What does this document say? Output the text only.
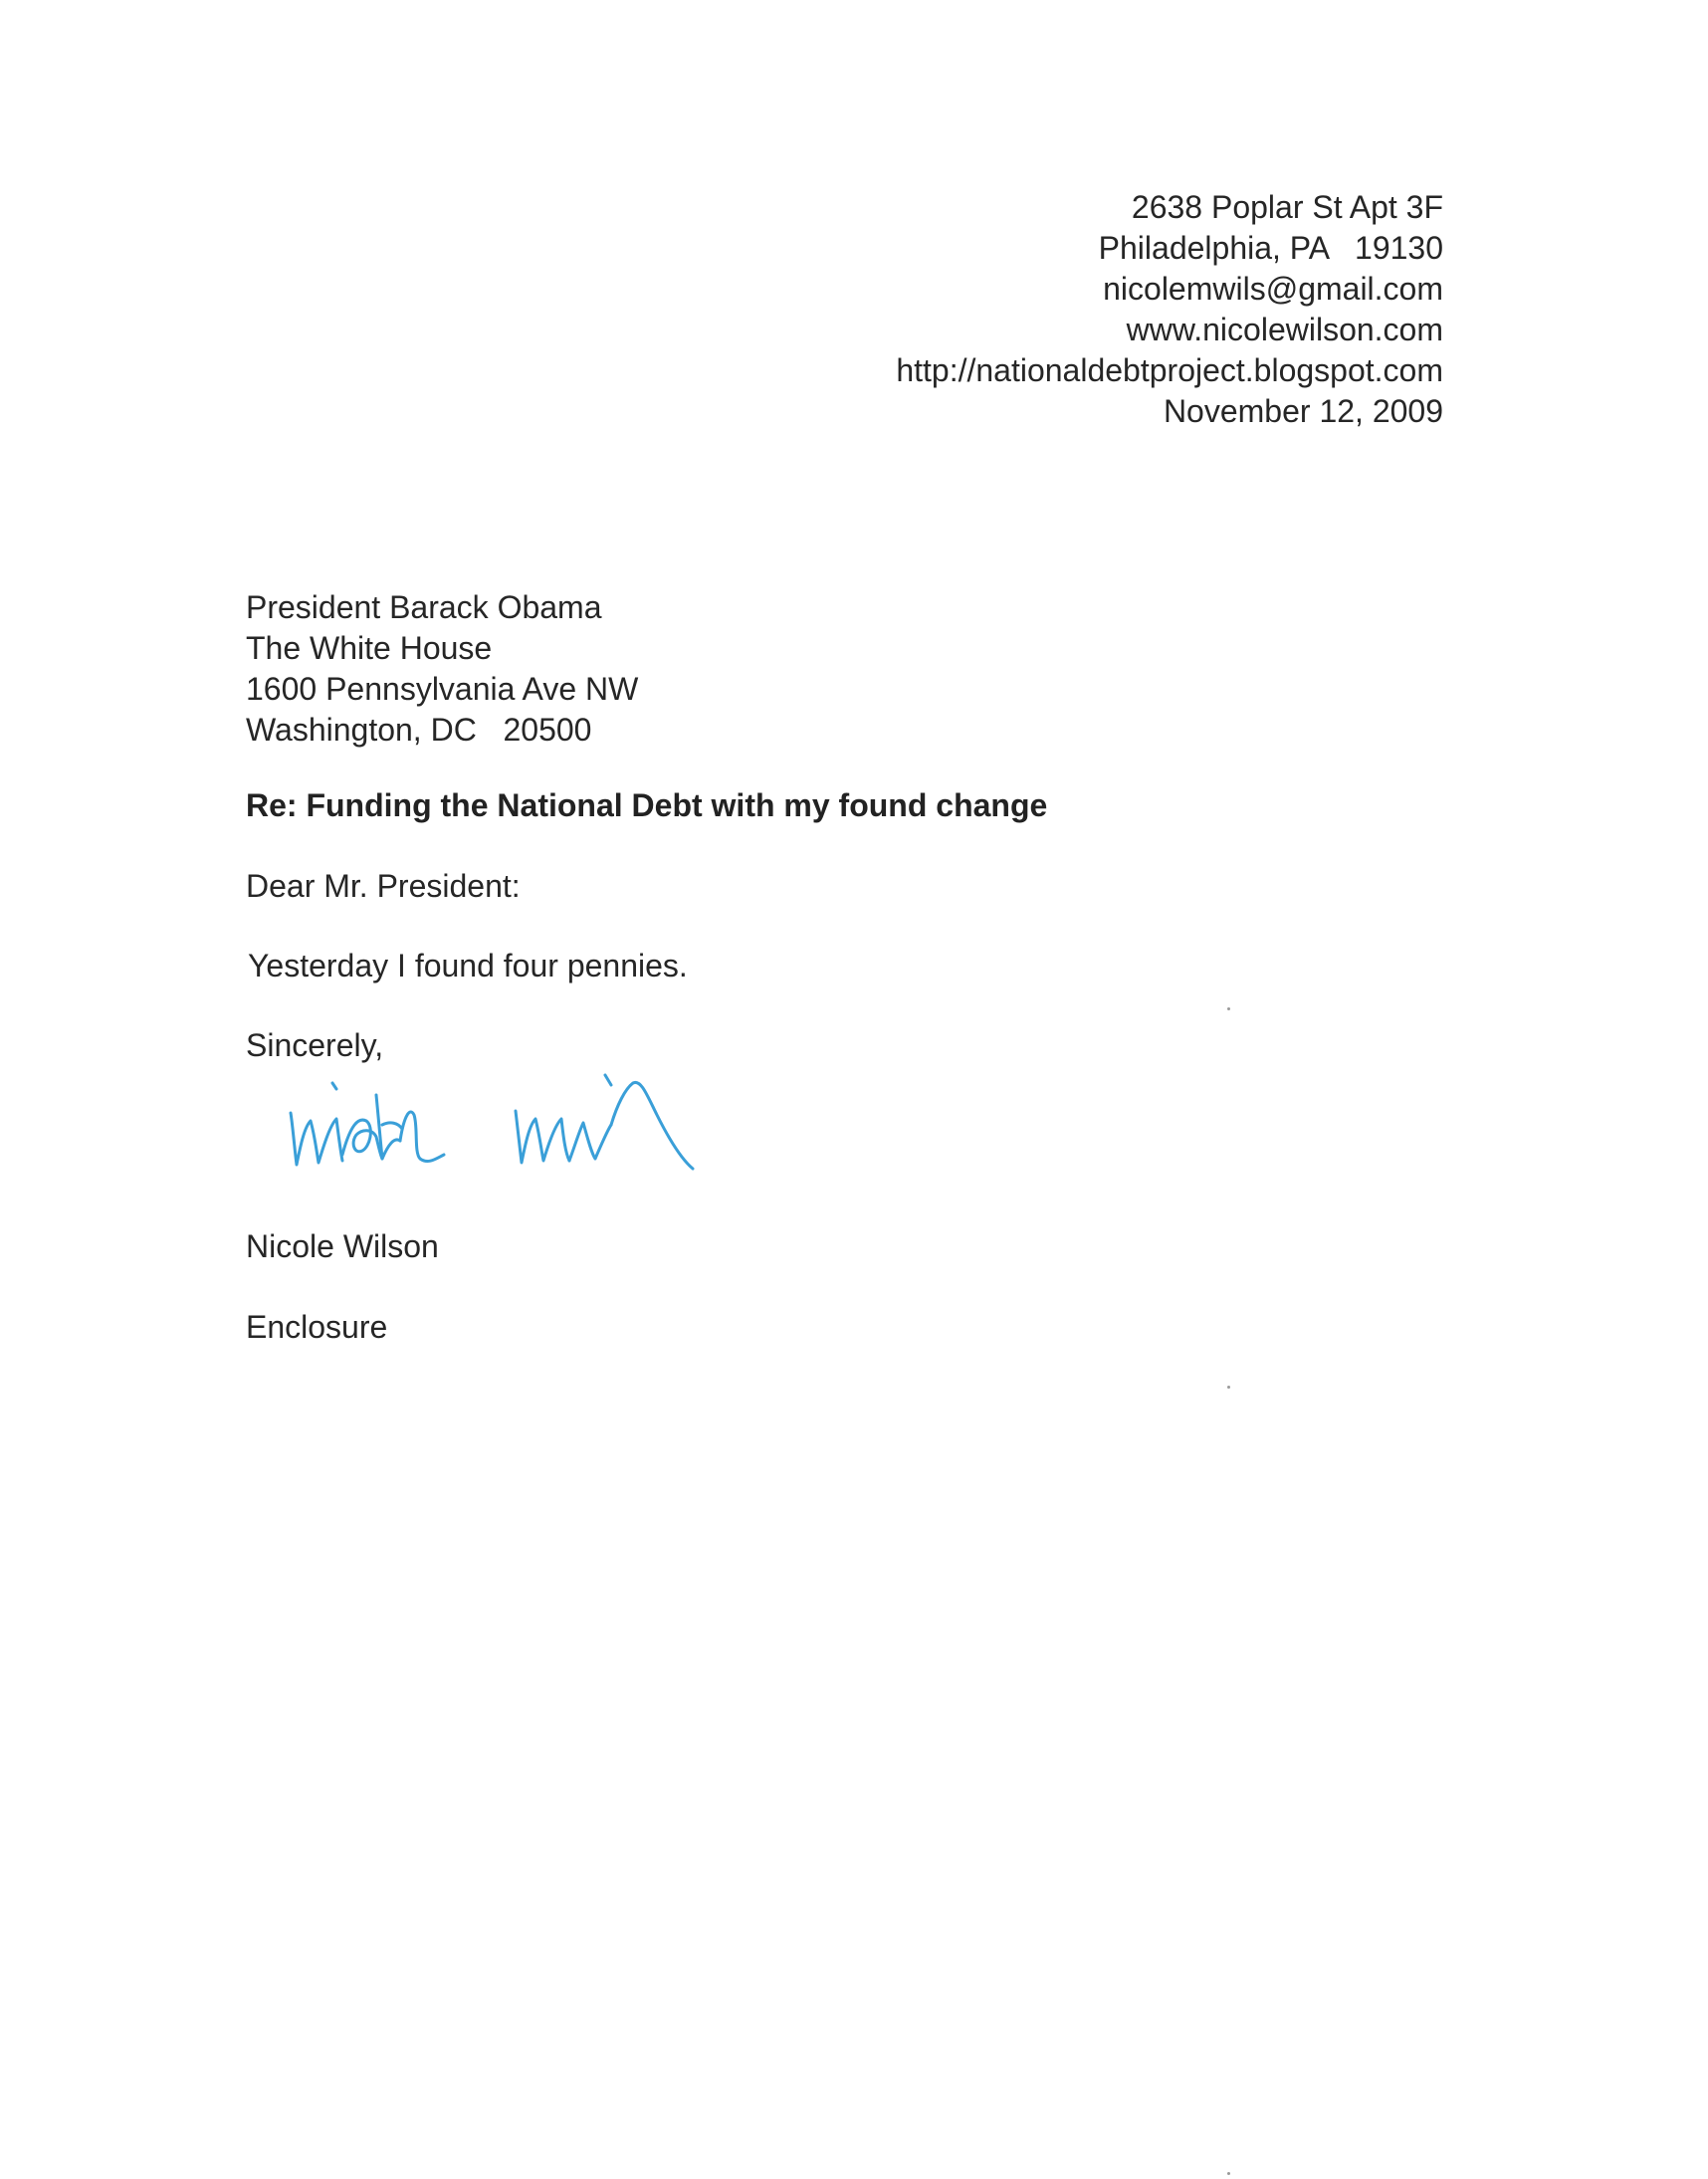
2638 Poplar St Apt 3F
Philadelphia, PA   19130
nicolemwils@gmail.com
www.nicolewilson.com
http://nationaldebtproject.blogspot.com
November 12, 2009
President Barack Obama
The White House
1600 Pennsylvania Ave NW
Washington, DC   20500
Re: Funding the National Debt with my found change
Dear Mr. President:
Yesterday I found four pennies.
Sincerely,
Nicole Wilson
Enclosure
